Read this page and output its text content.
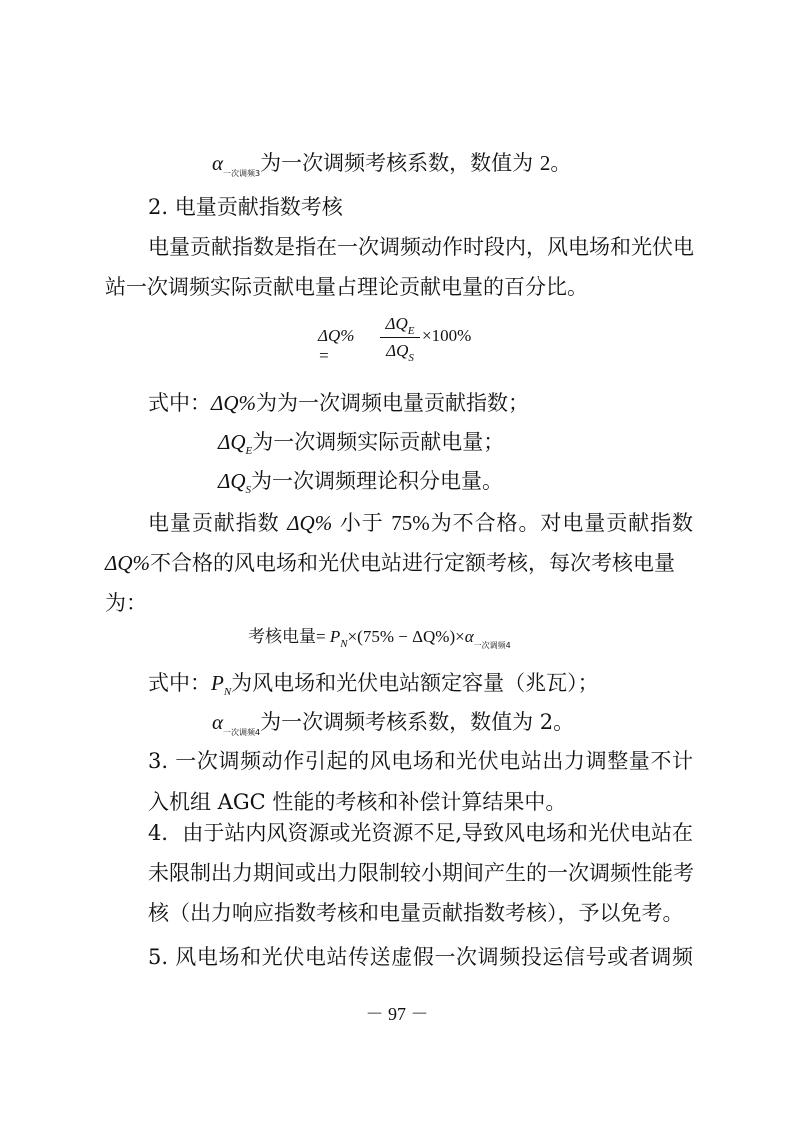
$\alpha_{一次调频3}$为一次调频考核系数，数值为 2。
2. 电量贡献指数考核
电量贡献指数是指在一次调频动作时段内，风电场和光伏电
站一次调频实际贡献电量占理论贡献电量的百分比。
ΔQ% =
$\Delta Q_E$
$\Delta Q_S$
×100%
式中：ΔQ%为为一次调频电量贡献指数；
$\Delta Q_E$为一次调频实际贡献电量；
$\Delta Q_S$为一次调频理论积分电量。
电量贡献指数 ΔQ% 小于 75%为不合格。对电量贡献指数
ΔQ%不合格的风电场和光伏电站进行定额考核，每次考核电量
为：
考核电量= $P_N\times(75\% - \Delta Q\%)\times\alpha_{一次调频4}$
式中：$P_N$为风电场和光伏电站额定容量（兆瓦）；
$\alpha_{一次调频4}$为一次调频考核系数，数值为 2。
3. 一次调频动作引起的风电场和光伏电站出力调整量不计
入机组 AGC 性能的考核和补偿计算结果中。
4．由于站内风资源或光资源不足,导致风电场和光伏电站在
未限制出力期间或出力限制较小期间产生的一次调频性能考
核（出力响应指数考核和电量贡献指数考核），予以免考。
5. 风电场和光伏电站传送虚假一次调频投运信号或者调频
－ 97 －
